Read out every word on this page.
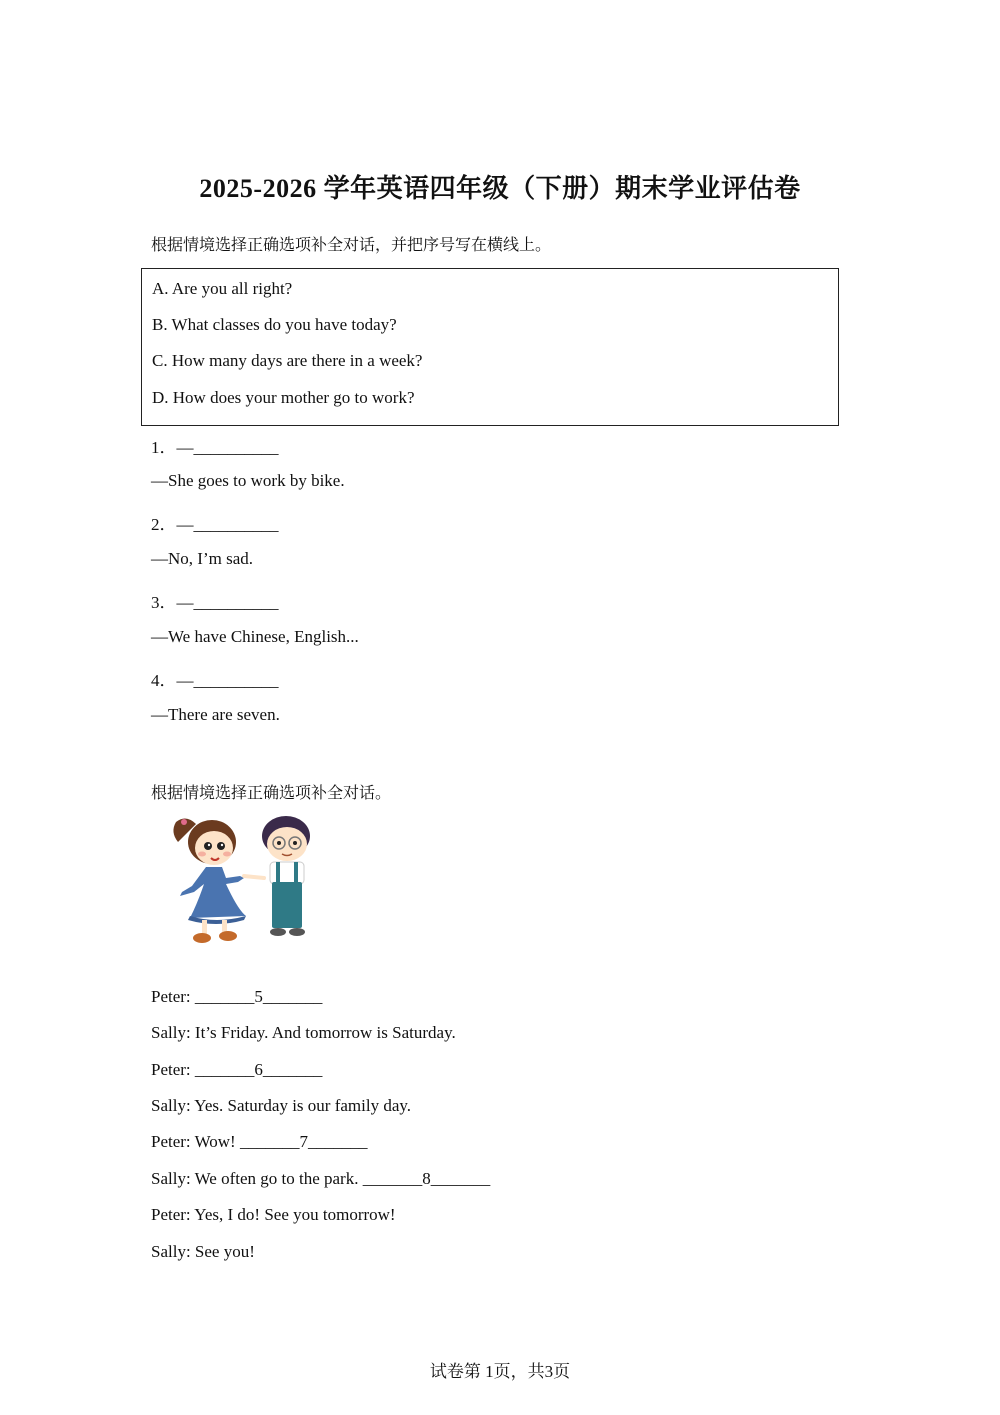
2025-2026 学年英语四年级（下册）期末学业评估卷
根据情境选择正确选项补全对话，并把序号写在横线上。
A. Are you all right?
B. What classes do you have today?
C. How many days are there in a week?
D. How does your mother go to work?
1．—__________
—She goes to work by bike.
2．—__________
—No, I’m sad.
3．—__________
—We have Chinese, English...
4．—__________
—There are seven.
根据情境选择正确选项补全对话。
Peter: _______5_______
Sally: It’s Friday. And tomorrow is Saturday.
Peter: _______6_______
Sally: Yes. Saturday is our family day.
Peter: Wow! _______7_______
Sally: We often go to the park. _______8_______
Peter: Yes, I do! See you tomorrow!
Sally: See you!
试卷第 1页，共3页
